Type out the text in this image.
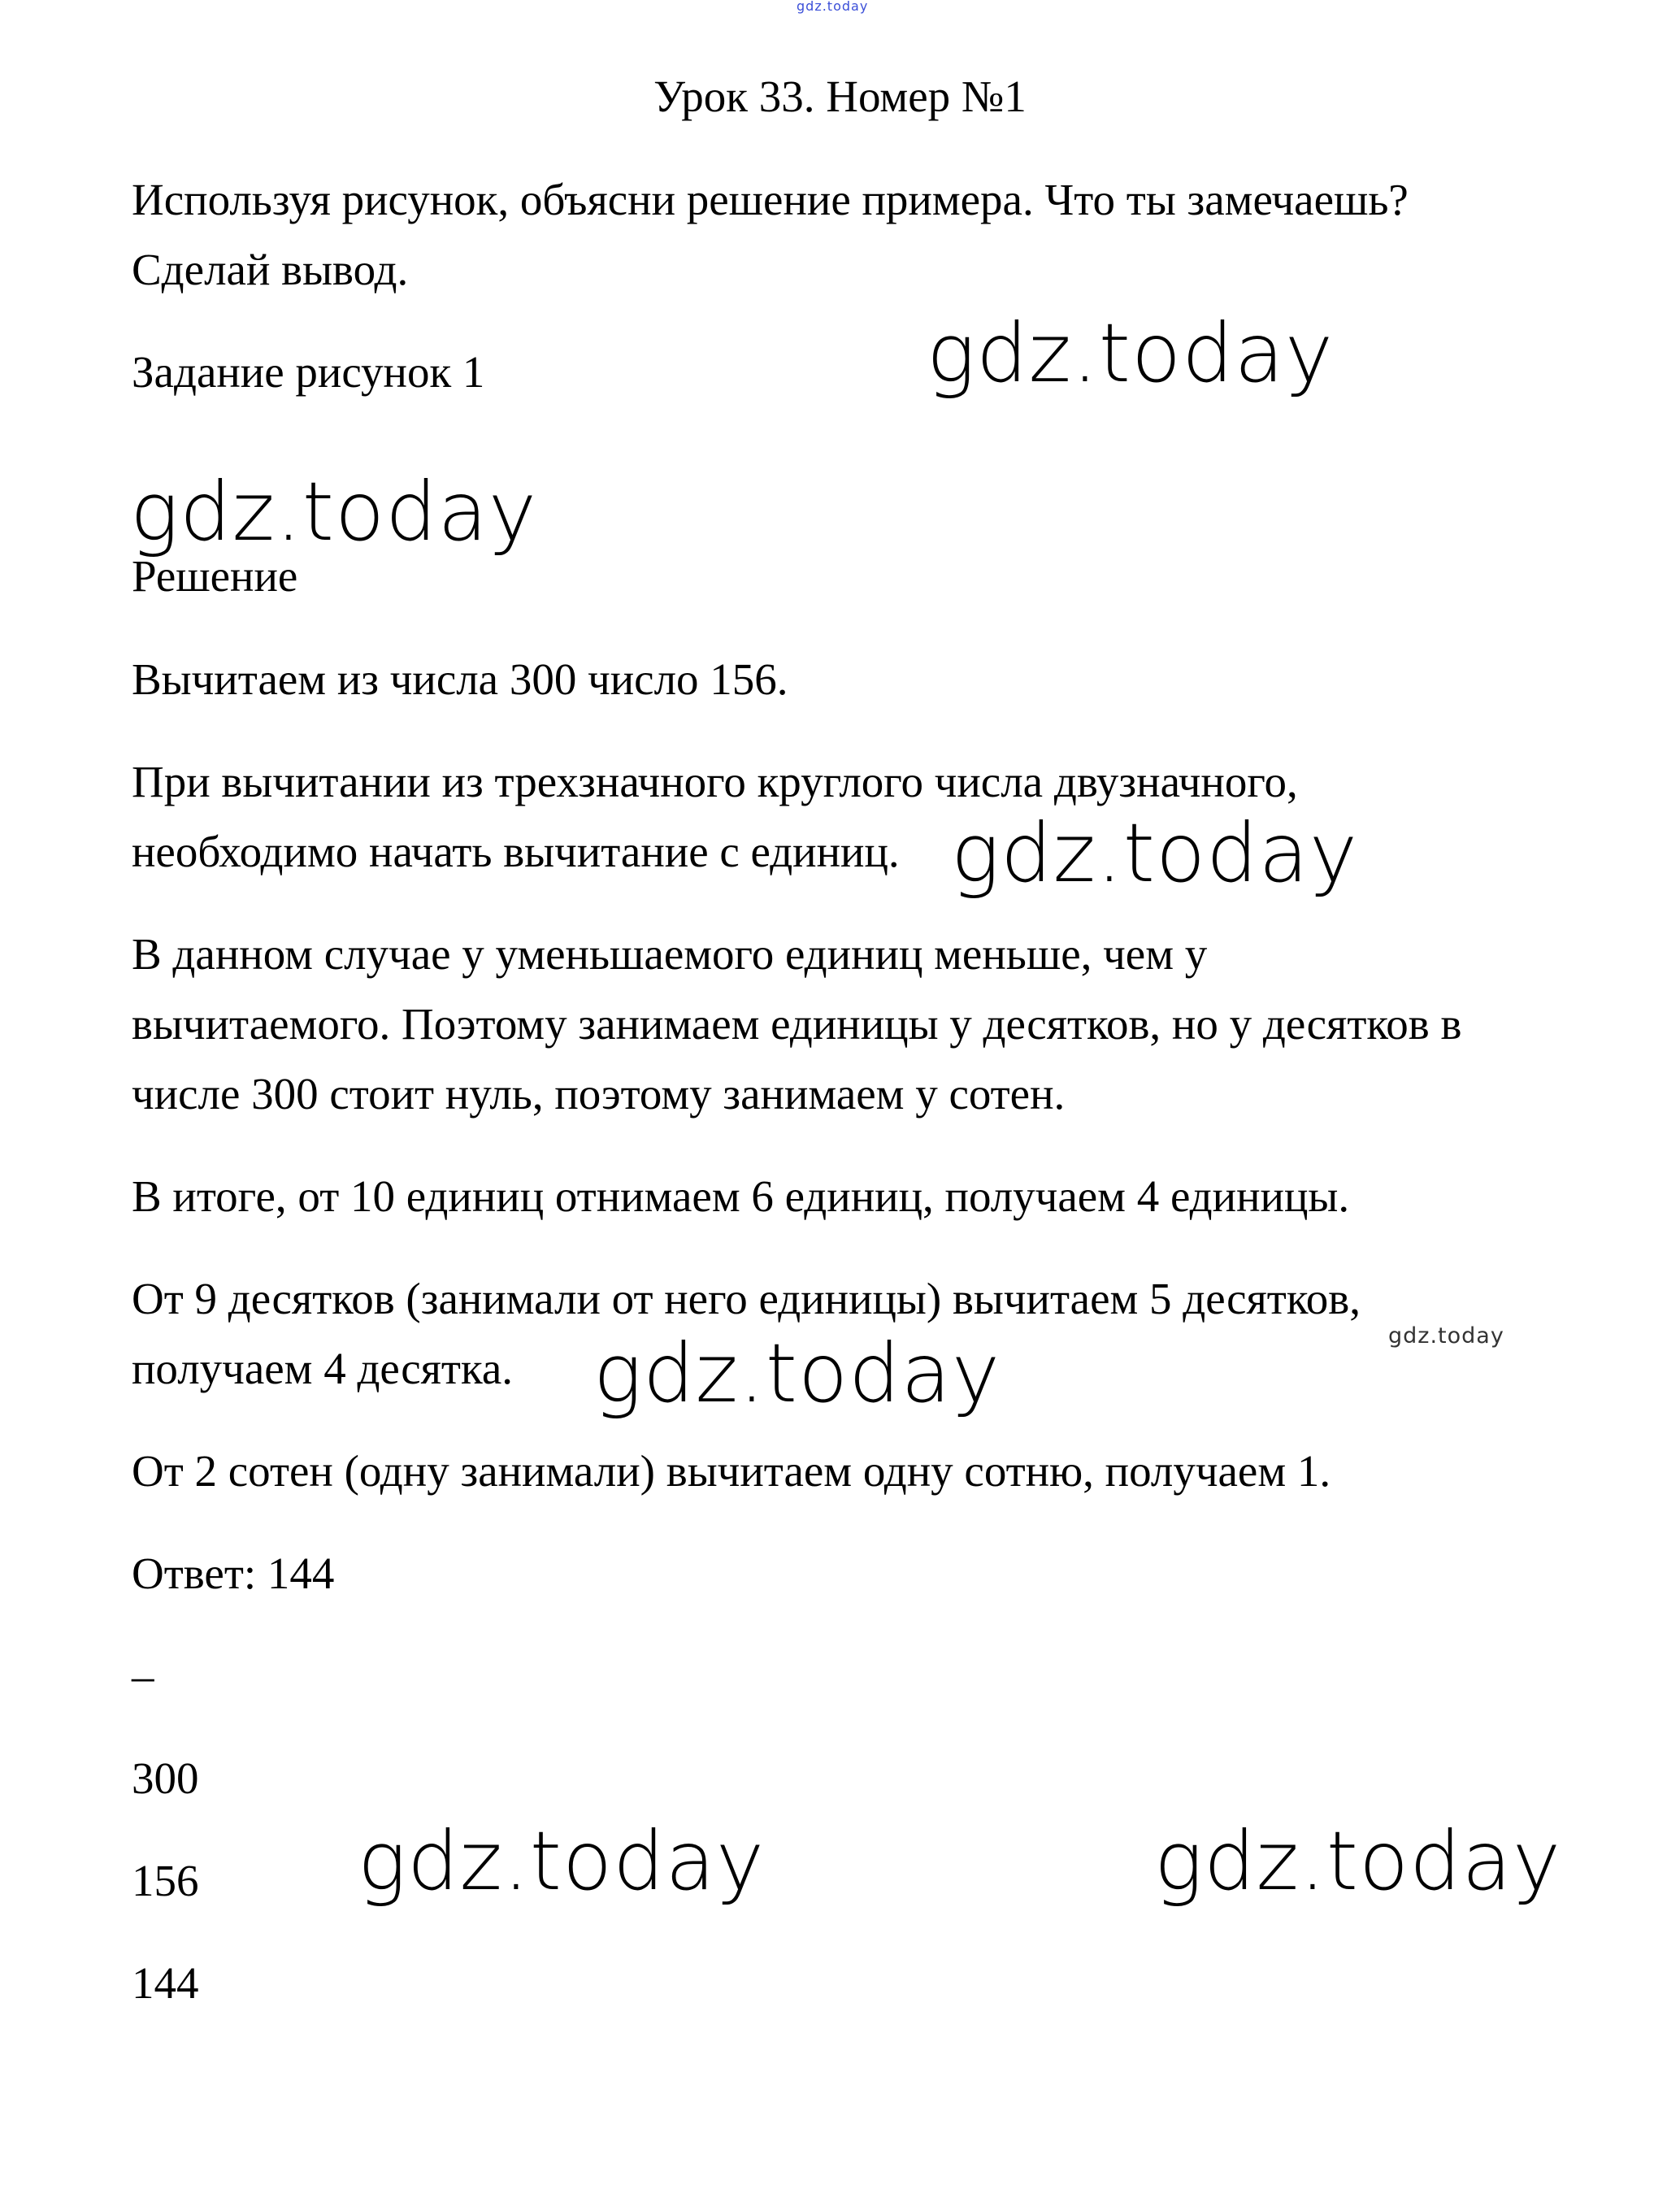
gdz.today
Урок 33. Номер №1

Используя рисунок, объясни решение примера. Что ты замечаешь?

Сделай вывод.

Задание рисунок 1	gdz.today
gdz.today

Решение

Вычитаем из числа 300 число 156.

При вычитании из трехзначного круглого числа двузначного,

необходимо начать вычитание с единиц. gdz.today

В данном случае у уменьшаемого единиц меньше, чем у

вычитаемого. Поэтому занимаем единицы у десятков, но у десятков в

числе 300 стоит нуль, поэтому занимаем у сотен.

В итоге, от 10 единиц отнимаем 6 единиц, получаем 4 единицы.

От 9 десятков (занимали от него единицы) вычитаем 5 десятков,

gdz.today

получаем 4 десятка. gdz.today

От 2 сотен (одну занимали) вычитаем одну сотню, получаем 1.

Ответ: 144

–

300

156

144

gdz.today	gdz.today
